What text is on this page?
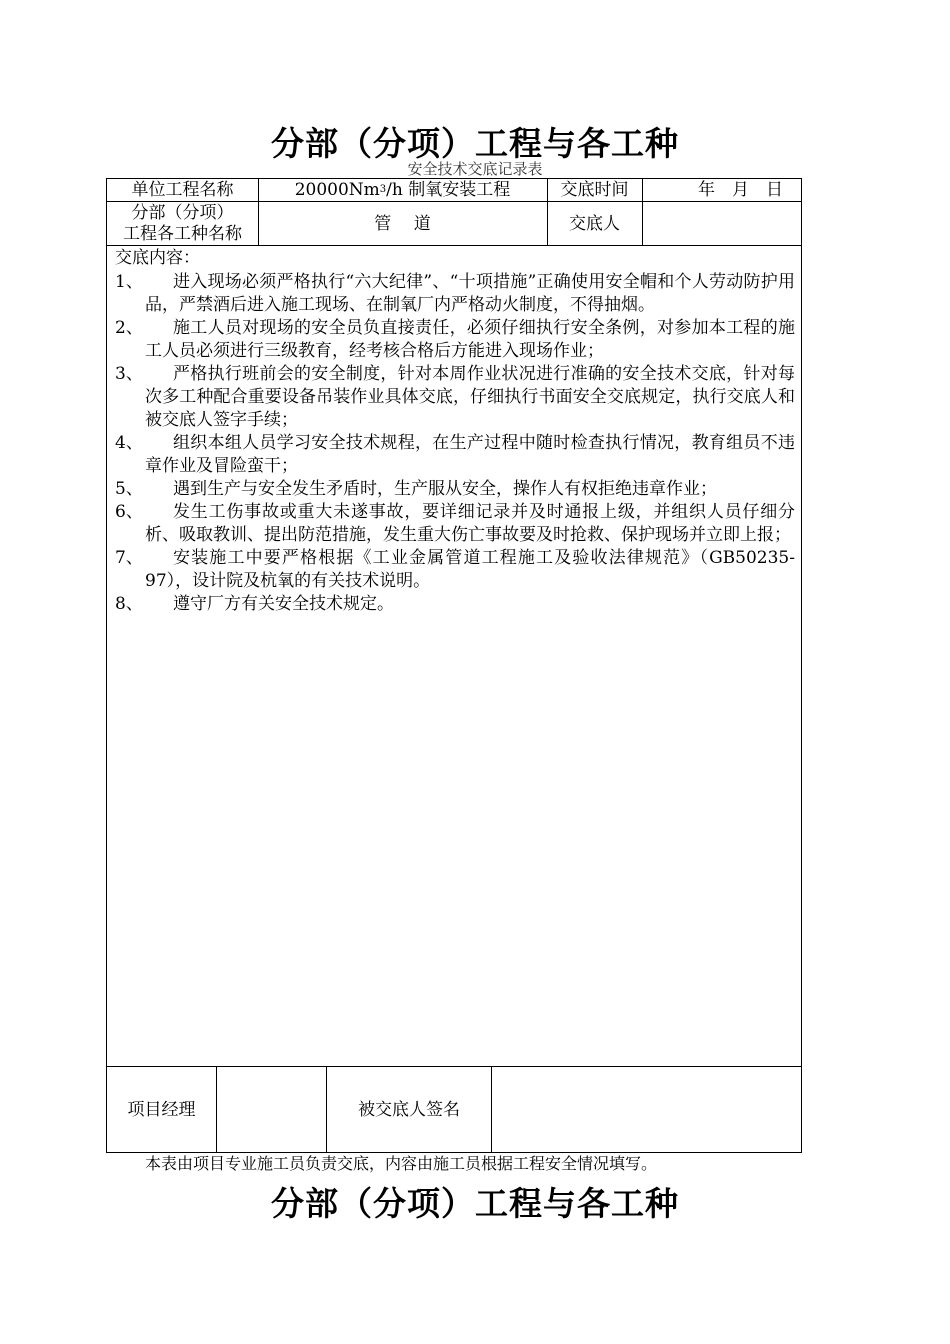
分部（分项）工程与各工种
安全技术交底记录表
单位工程名称	20000Nm 3 /h 制氧安装工程	交底时间	年　月　日
分部（分项）
工程各工种名称	管　 道	交底人
交底内容：
1、	进入现场必须严格执行“六大纪律”、“十项措施”正确使用安全帽和个人劳动防护用品，严禁酒后进入施工现场、在制氧厂内严格动火制度，不得抽烟。
2、	施工人员对现场的安全员负直接责任，必须仔细执行安全条例，对参加本工程的施工人员必须进行三级教育，经考核合格后方能进入现场作业；
3、	严格执行班前会的安全制度，针对本周作业状况进行准确的安全技术交底，针对每次多工种配合重要设备吊装作业具体交底，仔细执行书面安全交底规定，执行交底人和被交底人签字手续；
4、	组织本组人员学习安全技术规程，在生产过程中随时检查执行情况，教育组员不违章作业及冒险蛮干；
5、	遇到生产与安全发生矛盾时，生产服从安全，操作人有权拒绝违章作业；
6、	发生工伤事故或重大未遂事故，要详细记录并及时通报上级，并组织人员仔细分析、吸取教训、提出防范措施，发生重大伤亡事故要及时抢救、保护现场并立即上报；
7、	安装施工中要严格根据《工业金属管道工程施工及验收法律规范》（GB50235-97），设计院及杭氧的有关技术说明。
8、	遵守厂方有关安全技术规定。
项目经理	被交底人签名
本表由项目专业施工员负责交底，内容由施工员根据工程安全情况填写。
分部（分项）工程与各工种
